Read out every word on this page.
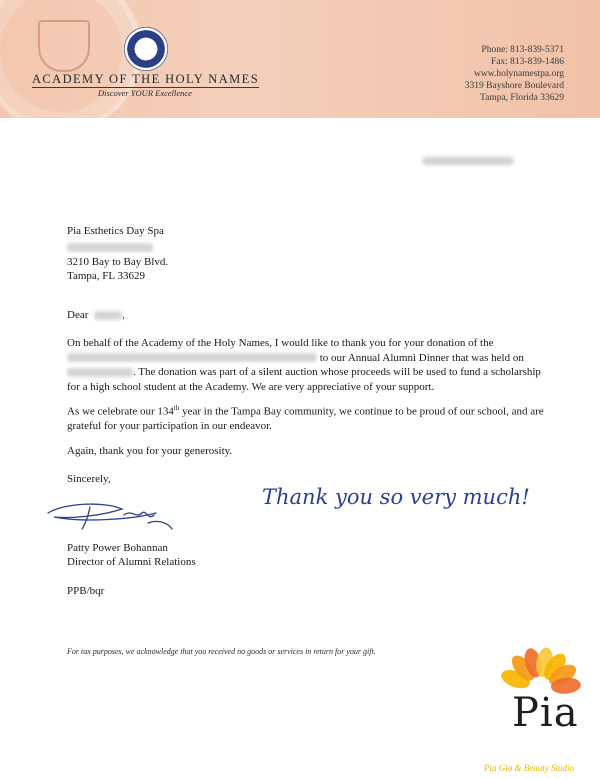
ACADEMY OF THE HOLY NAMES
Discover YOUR Excellence
Phone: 813-839-5371
Fax: 813-839-1486
www.holynamestpa.org
3319 Bayshore Boulevard
Tampa, Florida 33629
Pia Esthetics Day Spa
3210 Bay to Bay Blvd.
Tampa, FL 33629
Dear	,
On behalf of the Academy of the Holy Names, I would like to thank you for your donation of the  to our Annual Alumni Dinner that was held on . The donation was part of a silent auction whose proceeds will be used to fund a scholarship for a high school student at the Academy. We are very appreciative of your support.
As we celebrate our 134th year in the Tampa Bay community, we continue to be proud of our school, and are grateful for your participation in our endeavor.
Again, thank you for your generosity.
Sincerely,
Thank you so very much!
Patty Power Bohannan
Director of Alumni Relations
PPB/bqr
For tax purposes, we acknowledge that you received no goods or services in return for your gift.
Pia
Pia Gio & Beauty Studio
